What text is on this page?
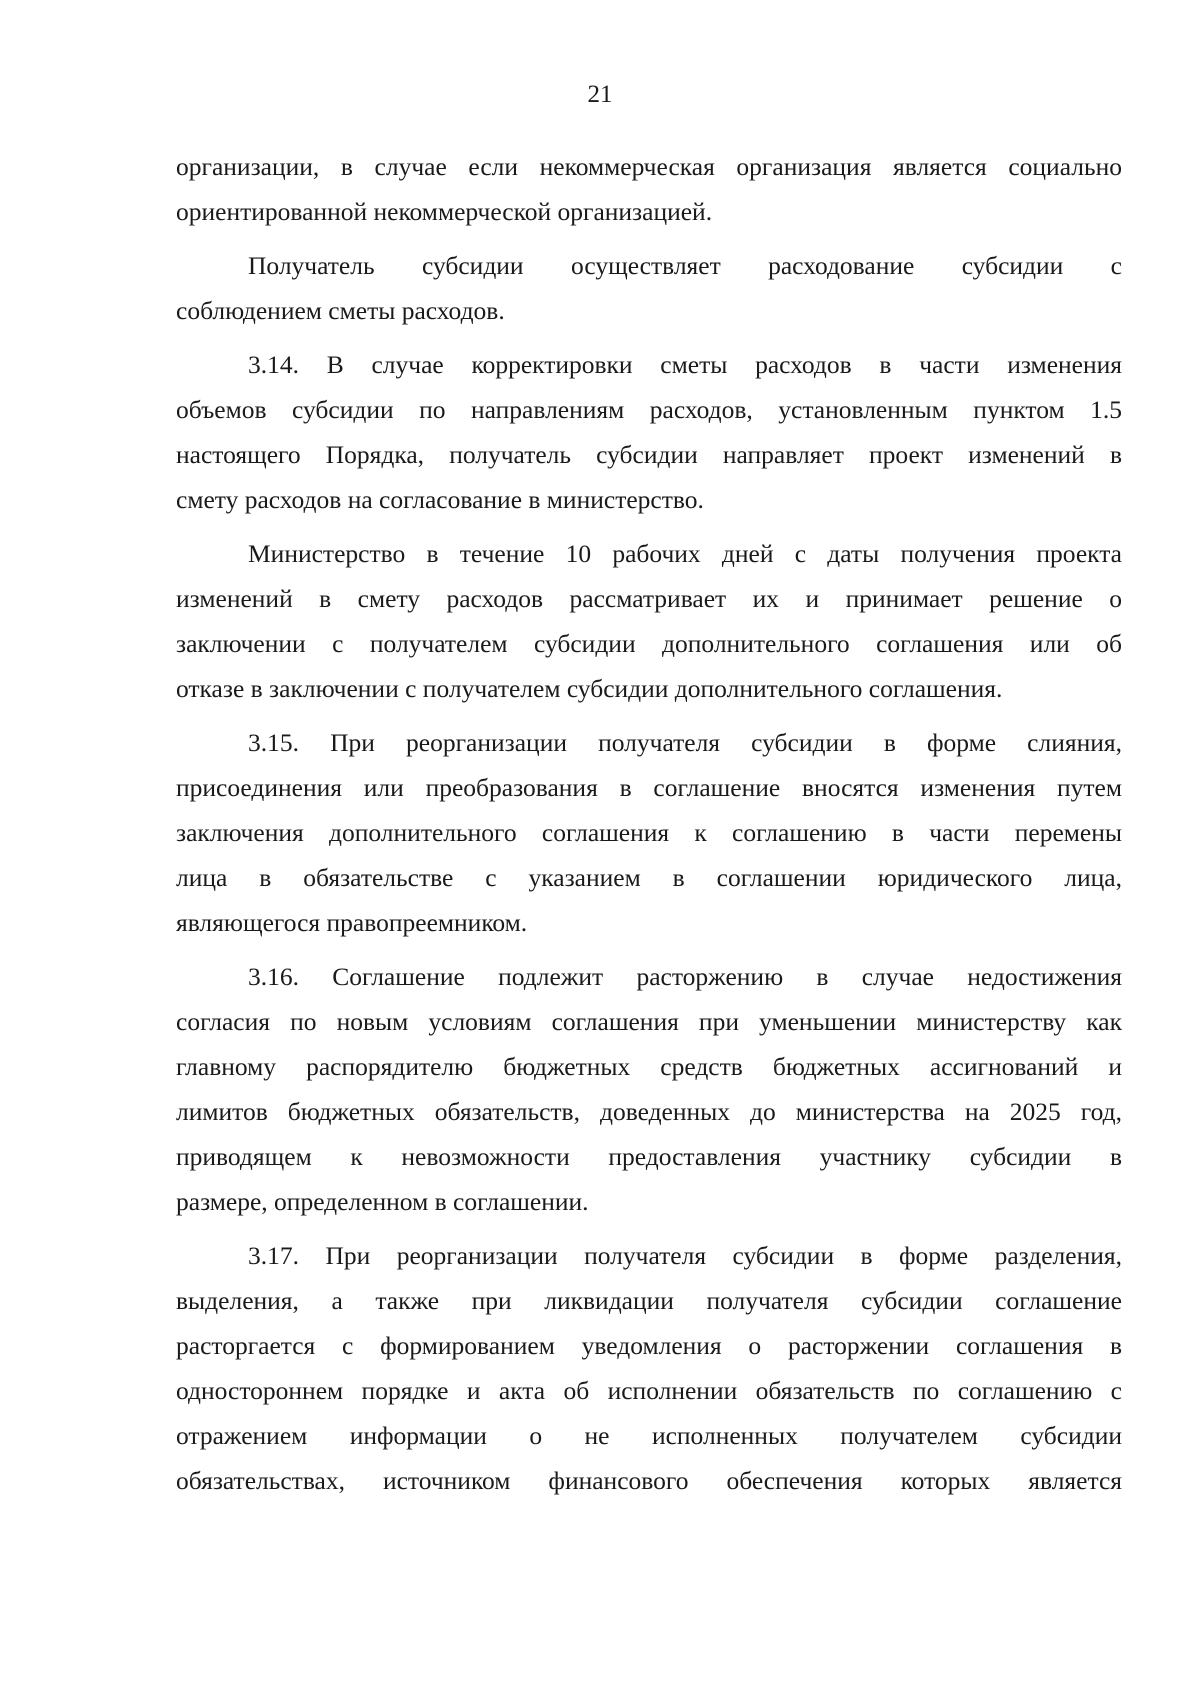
21
организации, в случае если некоммерческая организация является социально
ориентированной некоммерческой организацией.
Получатель субсидии осуществляет расходование субсидии с
соблюдением сметы расходов.
3.14. В случае корректировки сметы расходов в части изменения
объемов субсидии по направлениям расходов, установленным пунктом 1.5
настоящего Порядка, получатель субсидии направляет проект изменений в
смету расходов на согласование в министерство.
Министерство в течение 10 рабочих дней с даты получения проекта
изменений в смету расходов рассматривает их и принимает решение о
заключении с получателем субсидии дополнительного соглашения или об
отказе в заключении с получателем субсидии дополнительного соглашения.
3.15. При реорганизации получателя субсидии в форме слияния,
присоединения или преобразования в соглашение вносятся изменения путем
заключения дополнительного соглашения к соглашению в части перемены
лица в обязательстве с указанием в соглашении юридического лица,
являющегося правопреемником.
3.16. Соглашение подлежит расторжению в случае недостижения
согласия по новым условиям соглашения при уменьшении министерству как
главному распорядителю бюджетных средств бюджетных ассигнований и
лимитов бюджетных обязательств, доведенных до министерства на 2025 год,
приводящем к невозможности предоставления участнику субсидии в
размере, определенном в соглашении.
3.17. При реорганизации получателя субсидии в форме разделения,
выделения, а также при ликвидации получателя субсидии соглашение
расторгается с формированием уведомления о расторжении соглашения в
одностороннем порядке и акта об исполнении обязательств по соглашению с
отражением информации о не исполненных получателем субсидии
обязательствах, источником финансового обеспечения которых является
